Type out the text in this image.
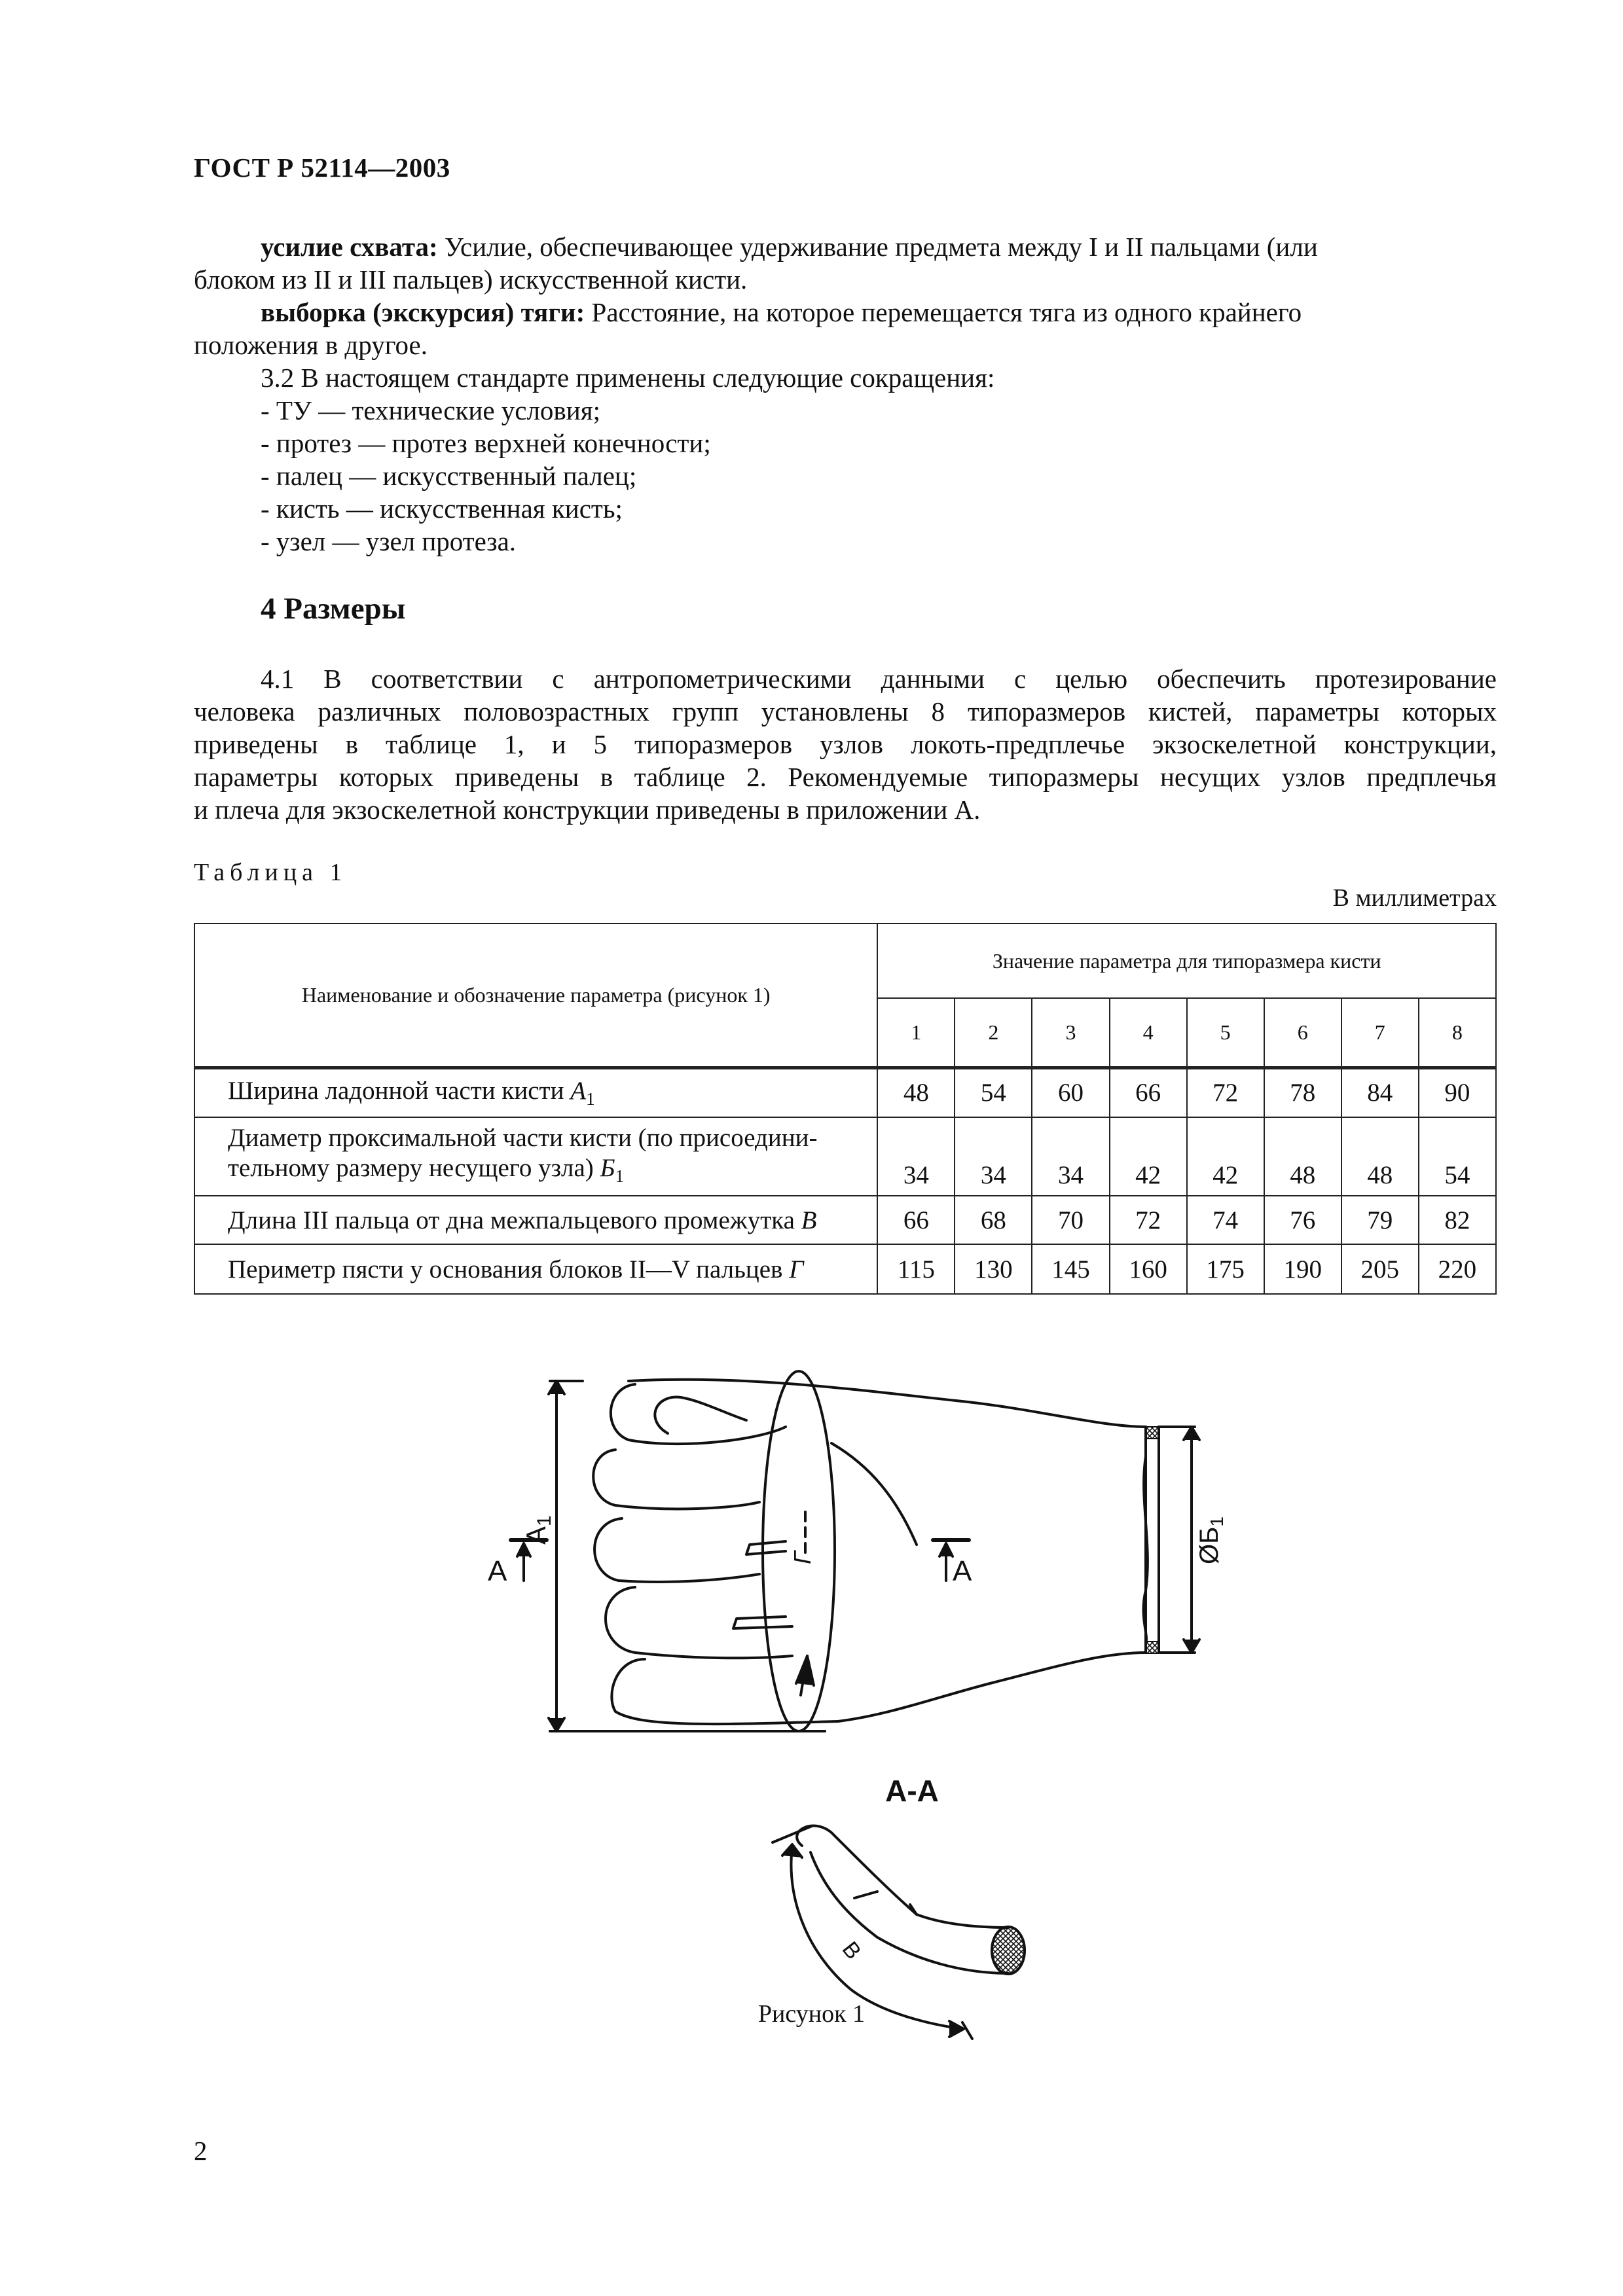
ГОСТ Р 52114—2003
усилие схвата: Усилие, обеспечивающее удерживание предмета между I и II пальцами (или
блоком из II и III пальцев) искусственной кисти.
выборка (экскурсия) тяги: Расстояние, на которое перемещается тяга из одного крайнего
положения в другое.
3.2 В настоящем стандарте применены следующие сокращения:
- ТУ — технические условия;
- протез — протез верхней конечности;
- палец — искусственный палец;
- кисть — искусственная кисть;
- узел — узел протеза.
4 Размеры
4.1 В соответствии с антропометрическими данными с целью обеспечить протезирование
человека различных половозрастных групп установлены 8 типоразмеров кистей, параметры которых
приведены в таблице 1, и 5 типоразмеров узлов локоть-предплечье экзоскелетной конструкции,
параметры которых приведены в таблице 2. Рекомендуемые типоразмеры несущих узлов предплечья
и плеча для экзоскелетной конструкции приведены в приложении А.
Таблица 1
В миллиметрах
Наименование и обозначение параметра (рисунок 1)	Значение параметра для типоразмера кисти							
	1	2	3	4	5	6	7	8
Ширина ладонной части кисти $А_1$	48	54	60	66	72	78	84	90
Диаметр проксимальной части кисти (по присоедини-
тельному размеру несущего узла) $Б_1$	34	34	34	42	42	48	48	54
Длина III пальца от дна межпальцевого промежутка В	66	68	70	72	74	76	79	82
Периметр пясти у основания блоков II—V пальцев Г	115	130	145	160	175	190	205	220
A1
$ØБ_1$
Г
A	A
A-A
B
Рисунок 1
2
